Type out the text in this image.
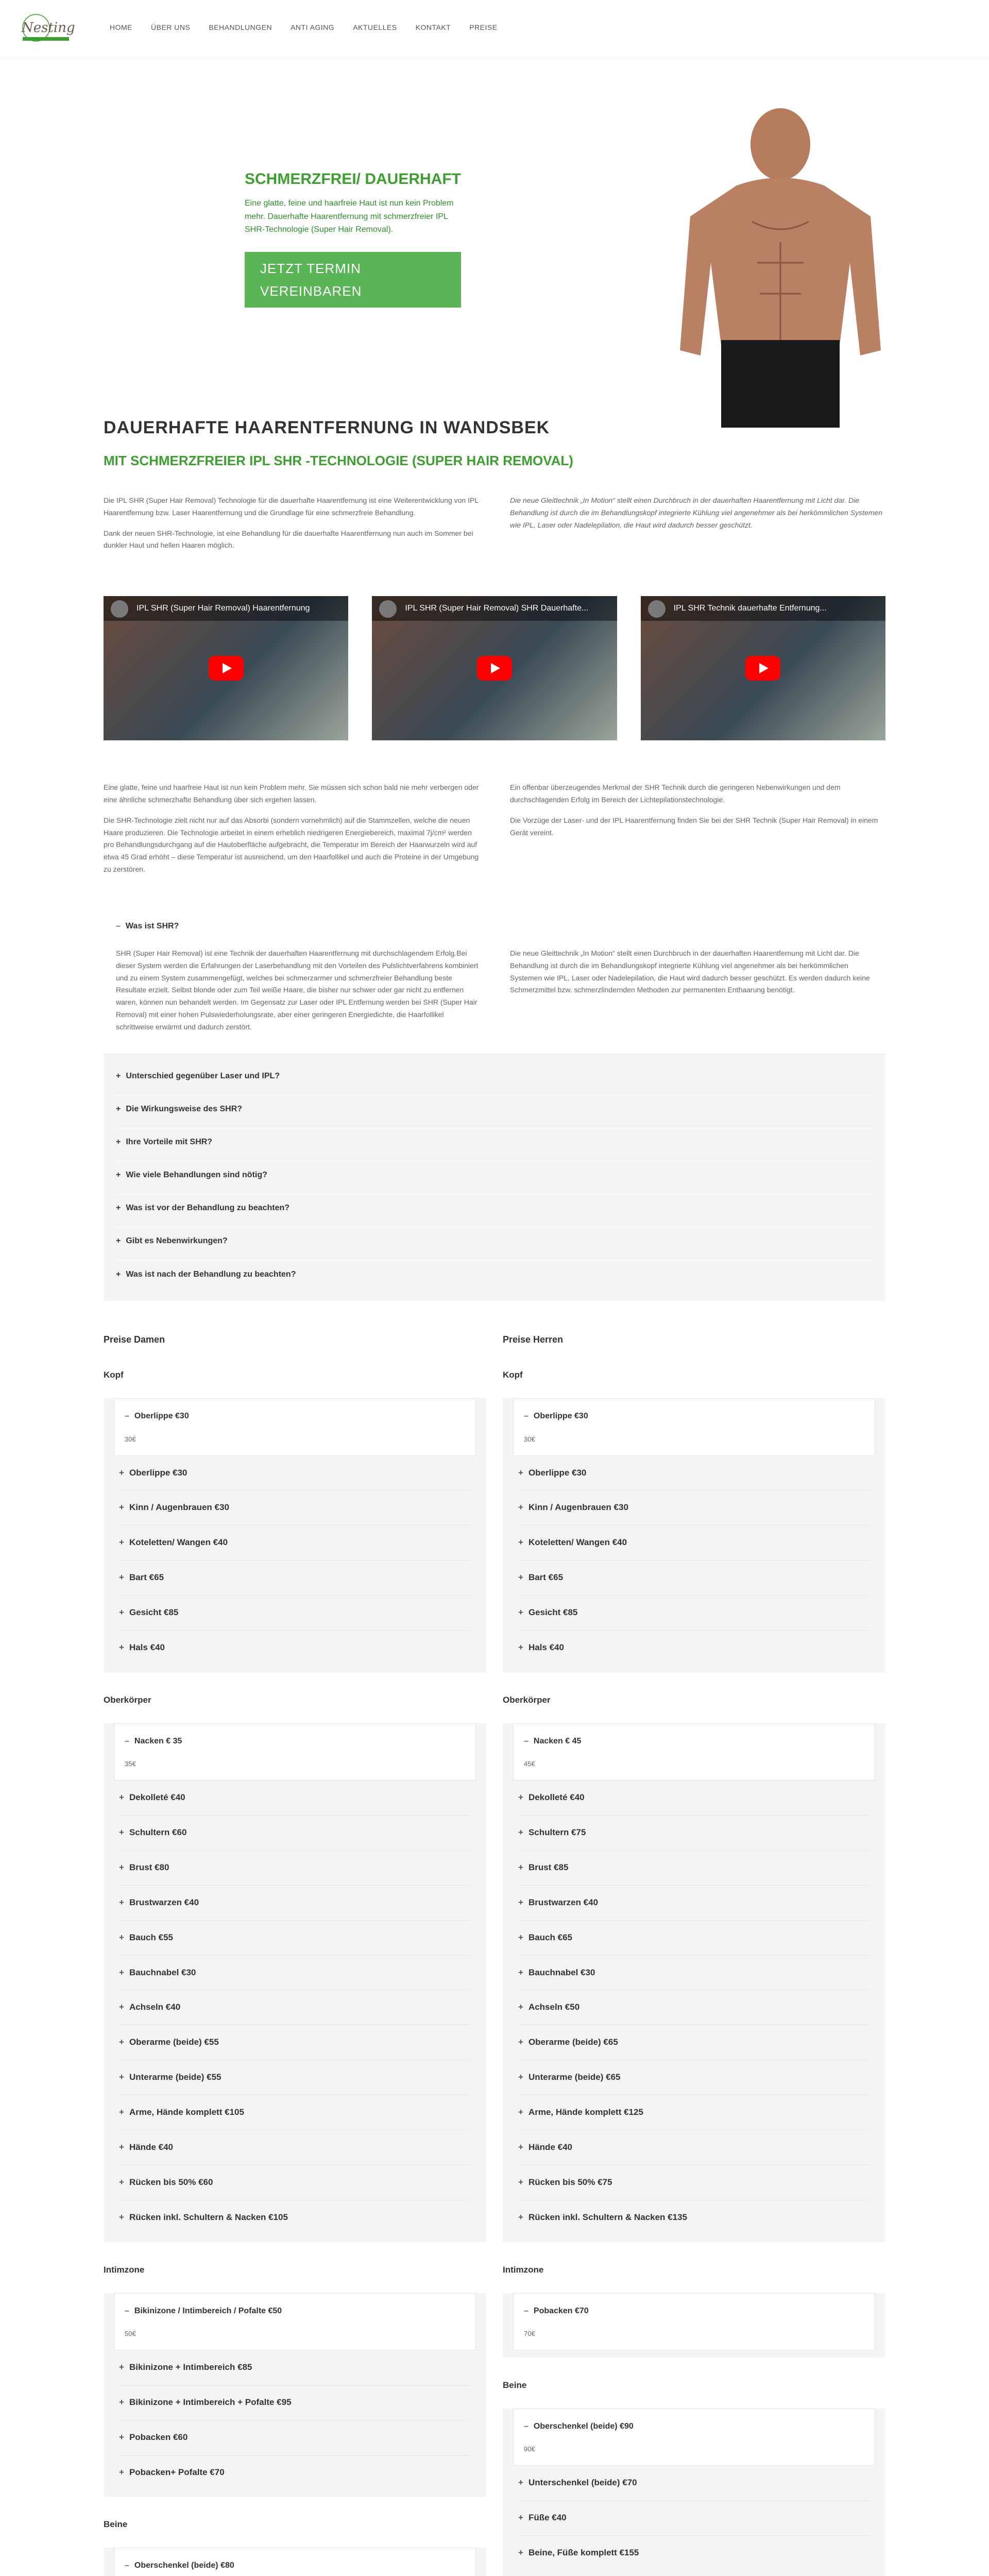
Nesting	HOME	ÜBER UNS	BEHANDLUNGEN	ANTI AGING	AKTUELLES	KONTAKT	PREISE
SCHMERZFREI/ DAUERHAFT

Eine glatte, feine und haarfreie Haut ist nun kein Problem mehr. Dauerhafte Haarentfernung mit schmerzfreier IPL SHR-Technologie (Super Hair Removal).

JETZT TERMIN VEREINBAREN
DAUERHAFTE HAARENTFERNUNG IN WANDSBEK
MIT SCHMERZFREIER IPL SHR -TECHNOLOGIE (SUPER HAIR REMOVAL)

Die IPL SHR (Super Hair Removal) Technologie für die dauerhafte Haarentfernung ist eine Weiterentwicklung von IPL Haarentfernung bzw. Laser Haarentfernung und die Grundlage für eine schmerzfreie Behandlung.

Dank der neuen SHR-Technologie, ist eine Behandlung für die dauerhafte Haarentfernung nun auch im Sommer bei dunkler Haut und hellen Haaren möglich.

Die neue Gleittechnik „In Motion“ stellt einen Durchbruch in der dauerhaften Haarentfernung mit Licht dar. Die Behandlung ist durch die im Behandlungskopf integrierte Kühlung viel angenehmer als bei herkömmlichen Systemen wie IPL, Laser oder Nadelepilation, die Haut wird dadurch besser geschützt.

IPL SHR (Super Hair Removal) Haarentfernung	IPL SHR (Super Hair Removal) SHR Dauerhafte...	IPL SHR Technik dauerhafte Entfernung...

Eine glatte, feine und haarfreie Haut ist nun kein Problem mehr. Sie müssen sich schon bald nie mehr verbergen oder eine ähnliche schmerzhafte Behandlung über sich ergehen lassen.

Die SHR-Technologie zielt nicht nur auf das Absorbi (sondern vornehmlich) auf die Stammzellen, welche die neuen Haare produzieren. Die Technologie arbeitet in einem erheblich niedrigeren Energiebereich, maximal 7j/cm² werden pro Behandlungsdurchgang auf die Hautoberfläche aufgebracht, die Temperatur im Bereich der Haarwurzeln wird auf etwa 45 Grad erhöht – diese Temperatur ist ausreichend, um den Haarfollikel und auch die Proteine in der Umgebung zu zerstören.

Ein offenbar überzeugendes Merkmal der SHR Technik durch die geringeren Nebenwirkungen und dem durchschlagenden Erfolg im Bereich der Lichtepilationstechnologie.

Die Vorzüge der Laser- und der IPL Haarentfernung finden Sie bei der SHR Technik (Super Hair Removal) in einem Gerät vereint.

– Was ist SHR?

SHR (Super Hair Removal) ist eine Technik der dauerhaften Haarentfernung mit durchschlagendem Erfolg.Bei dieser System werden die Erfahrungen der Laserbehandlung mit den Vorteilen des Pulslichtverfahrens kombiniert und zu einem System zusammengefügt, welches bei schmerzarmer und schmerzfreier Behandlung beste Resultate erzielt. Selbst blonde oder zum Teil weiße Haare, die bisher nur schwer oder gar nicht zu entfernen waren, können nun behandelt werden. Im Gegensatz zur Laser oder IPL Entfernung werden bei SHR (Super Hair Removal) mit einer hohen Pulswiederholungsrate, aber einer geringeren Energiedichte, die Haarfollikel schrittweise erwärmt und dadurch zerstört.

Die neue Gleittechnik „In Motion“ stellt einen Durchbruch in der dauerhaften Haarentfernung mit Licht dar. Die Behandlung ist durch die im Behandlungskopf integrierte Kühlung viel angenehmer als bei herkömmlichen Systemen wie IPL, Laser oder Nadelepilation, die Haut wird dadurch besser geschützt. Es werden dadurch keine Schmerzmittel bzw. schmerzlindernden Methoden zur permanenten Enthaarung benötigt.

+ Unterschied gegenüber Laser und IPL?
+ Die Wirkungsweise des SHR?
+ Ihre Vorteile mit SHR?
+ Wie viele Behandlungen sind nötig?
+ Was ist vor der Behandlung zu beachten?
+ Gibt es Nebenwirkungen?
+ Was ist nach der Behandlung zu beachten?
Preise Damen
Kopf
– Oberlippe €30
30€
+ Oberlippe €30
+ Kinn / Augenbrauen €30
+ Koteletten/ Wangen €40
+ Bart €65
+ Gesicht €85
+ Hals €40
Oberkörper
– Nacken € 35
35€
+ Dekolleté €40
+ Schultern €60
+ Brust €80
+ Brustwarzen €40
+ Bauch €55
+ Bauchnabel €30
+ Achseln €40
+ Oberarme (beide) €55
+ Unterarme (beide) €55
+ Arme, Hände komplett €105
+ Hände €40
+ Rücken bis 50% €60
+ Rücken inkl. Schultern & Nacken €105
Intimzone
– Bikinizone / Intimbereich / Pofalte €50
50€
+ Bikinizone + Intimbereich €85
+ Bikinizone + Intimbereich + Pofalte €95
+ Pobacken €60
+ Pobacken+ Pofalte €70
Beine
– Oberschenkel (beide) €80

Preise Herren
Kopf
– Oberlippe €30
30€
+ Oberlippe €30
+ Kinn / Augenbrauen €30
+ Koteletten/ Wangen €40
+ Bart €65
+ Gesicht €85
+ Hals €40
Oberkörper
– Nacken € 45
45€
+ Dekolleté €40
+ Schultern €75
+ Brust €85
+ Brustwarzen €40
+ Bauch €65
+ Bauchnabel €30
+ Achseln €50
+ Oberarme (beide) €65
+ Unterarme (beide) €65
+ Arme, Hände komplett €125
+ Hände €40
+ Rücken bis 50% €75
+ Rücken inkl. Schultern & Nacken €135
Intimzone
– Pobacken €70
70€
Beine
– Oberschenkel (beide) €90
90€
+ Unterschenkel (beide) €70
+ Füße €40
+ Beine, Füße komplett €155
